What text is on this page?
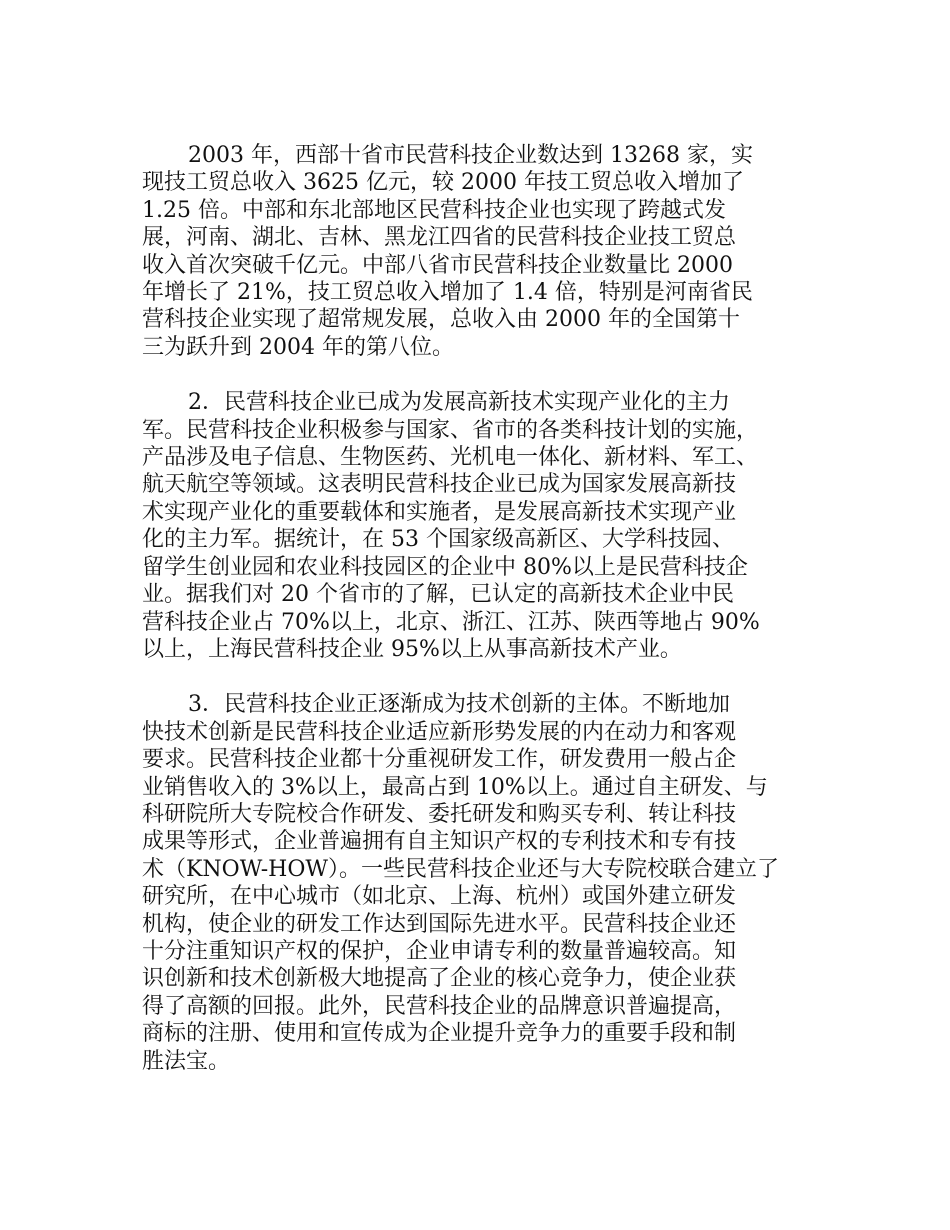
2003 年，西部十省市民营科技企业数达到 13268 家，实
现技工贸总收入 3625 亿元，较 2000 年技工贸总收入增加了
1.25 倍。中部和东北部地区民营科技企业也实现了跨越式发
展，河南、湖北、吉林、黑龙江四省的民营科技企业技工贸总
收入首次突破千亿元。中部八省市民营科技企业数量比 2000
年增长了 21%，技工贸总收入增加了 1.4 倍，特别是河南省民
营科技企业实现了超常规发展，总收入由 2000 年的全国第十
三为跃升到 2004 年的第八位。

2．民营科技企业已成为发展高新技术实现产业化的主力
军。民营科技企业积极参与国家、省市的各类科技计划的实施，
产品涉及电子信息、生物医药、光机电一体化、新材料、军工、
航天航空等领域。这表明民营科技企业已成为国家发展高新技
术实现产业化的重要载体和实施者，是发展高新技术实现产业
化的主力军。据统计，在 53 个国家级高新区、大学科技园、
留学生创业园和农业科技园区的企业中 80%以上是民营科技企
业。据我们对 20 个省市的了解，已认定的高新技术企业中民
营科技企业占 70%以上，北京、浙江、江苏、陕西等地占 90%
以上，上海民营科技企业 95%以上从事高新技术产业。

3．民营科技企业正逐渐成为技术创新的主体。不断地加
快技术创新是民营科技企业适应新形势发展的内在动力和客观
要求。民营科技企业都十分重视研发工作，研发费用一般占企
业销售收入的 3%以上，最高占到 10%以上。通过自主研发、与
科研院所大专院校合作研发、委托研发和购买专利、转让科技
成果等形式，企业普遍拥有自主知识产权的专利技术和专有技
术（KNOW-HOW）。一些民营科技企业还与大专院校联合建立了
研究所，在中心城市（如北京、上海、杭州）或国外建立研发
机构，使企业的研发工作达到国际先进水平。民营科技企业还
十分注重知识产权的保护，企业申请专利的数量普遍较高。知
识创新和技术创新极大地提高了企业的核心竞争力，使企业获
得了高额的回报。此外，民营科技企业的品牌意识普遍提高，
商标的注册、使用和宣传成为企业提升竞争力的重要手段和制
胜法宝。
